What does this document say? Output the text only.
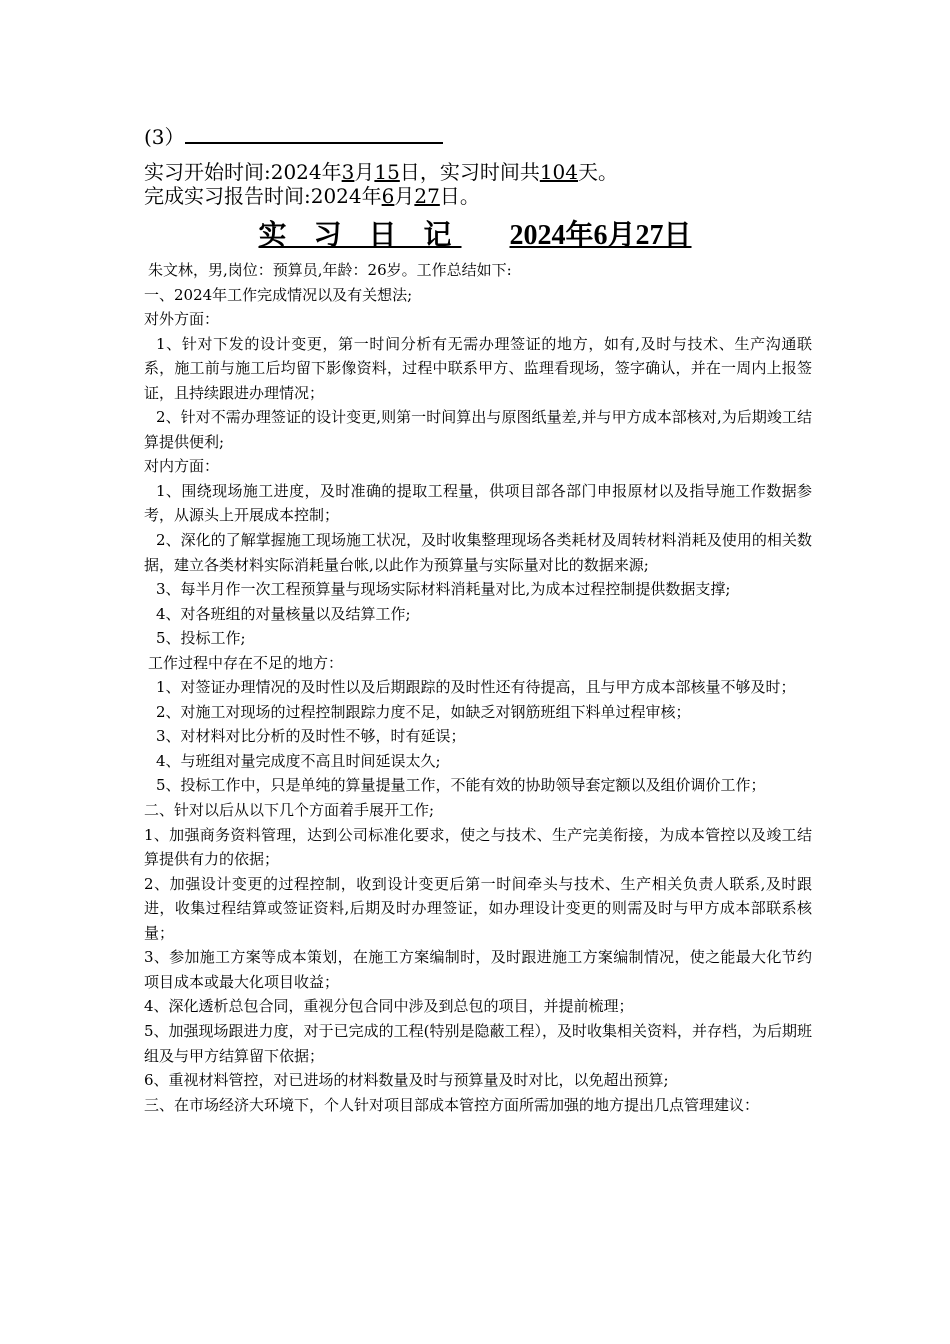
(3）
实习开始时间:2024年3月15日，实习时间共104天。
完成实习报告时间:2024年6月27日。
实 习 日 记 2024年6月27日

朱文林，男,岗位：预算员,年龄：26岁。工作总结如下:

一、2024年工作完成情况以及有关想法;

对外方面：

1、针对下发的设计变更，第一时间分析有无需办理签证的地方，如有,及时与技术、生产沟通联系，施工前与施工后均留下影像资料，过程中联系甲方、监理看现场，签字确认，并在一周内上报签证，且持续跟进办理情况；

2、针对不需办理签证的设计变更,则第一时间算出与原图纸量差,并与甲方成本部核对,为后期竣工结算提供便利;

对内方面：

1、围绕现场施工进度，及时准确的提取工程量，供项目部各部门申报原材以及指导施工作数据参考，从源头上开展成本控制；

2、深化的了解掌握施工现场施工状况，及时收集整理现场各类耗材及周转材料消耗及使用的相关数据，建立各类材料实际消耗量台帐,以此作为预算量与实际量对比的数据来源;

3、每半月作一次工程预算量与现场实际材料消耗量对比,为成本过程控制提供数据支撑;

4、对各班组的对量核量以及结算工作;

5、投标工作;

工作过程中存在不足的地方：

1、对签证办理情况的及时性以及后期跟踪的及时性还有待提高，且与甲方成本部核量不够及时；

2、对施工对现场的过程控制跟踪力度不足，如缺乏对钢筋班组下料单过程审核；

3、对材料对比分析的及时性不够，时有延误；

4、与班组对量完成度不高且时间延误太久;

5、投标工作中，只是单纯的算量提量工作，不能有效的协助领导套定额以及组价调价工作；

二、针对以后从以下几个方面着手展开工作;

1、加强商务资料管理，达到公司标准化要求，使之与技术、生产完美衔接，为成本管控以及竣工结算提供有力的依据；

2、加强设计变更的过程控制，收到设计变更后第一时间牵头与技术、生产相关负责人联系,及时跟进，收集过程结算或签证资料,后期及时办理签证，如办理设计变更的则需及时与甲方成本部联系核量；

3、参加施工方案等成本策划，在施工方案编制时，及时跟进施工方案编制情况，使之能最大化节约项目成本或最大化项目收益；

4、深化透析总包合同，重视分包合同中涉及到总包的项目，并提前梳理；

5、加强现场跟进力度，对于已完成的工程(特别是隐蔽工程），及时收集相关资料，并存档，为后期班组及与甲方结算留下依据；

6、重视材料管控，对已进场的材料数量及时与预算量及时对比，以免超出预算;

三、在市场经济大环境下，个人针对项目部成本管控方面所需加强的地方提出几点管理建议：
